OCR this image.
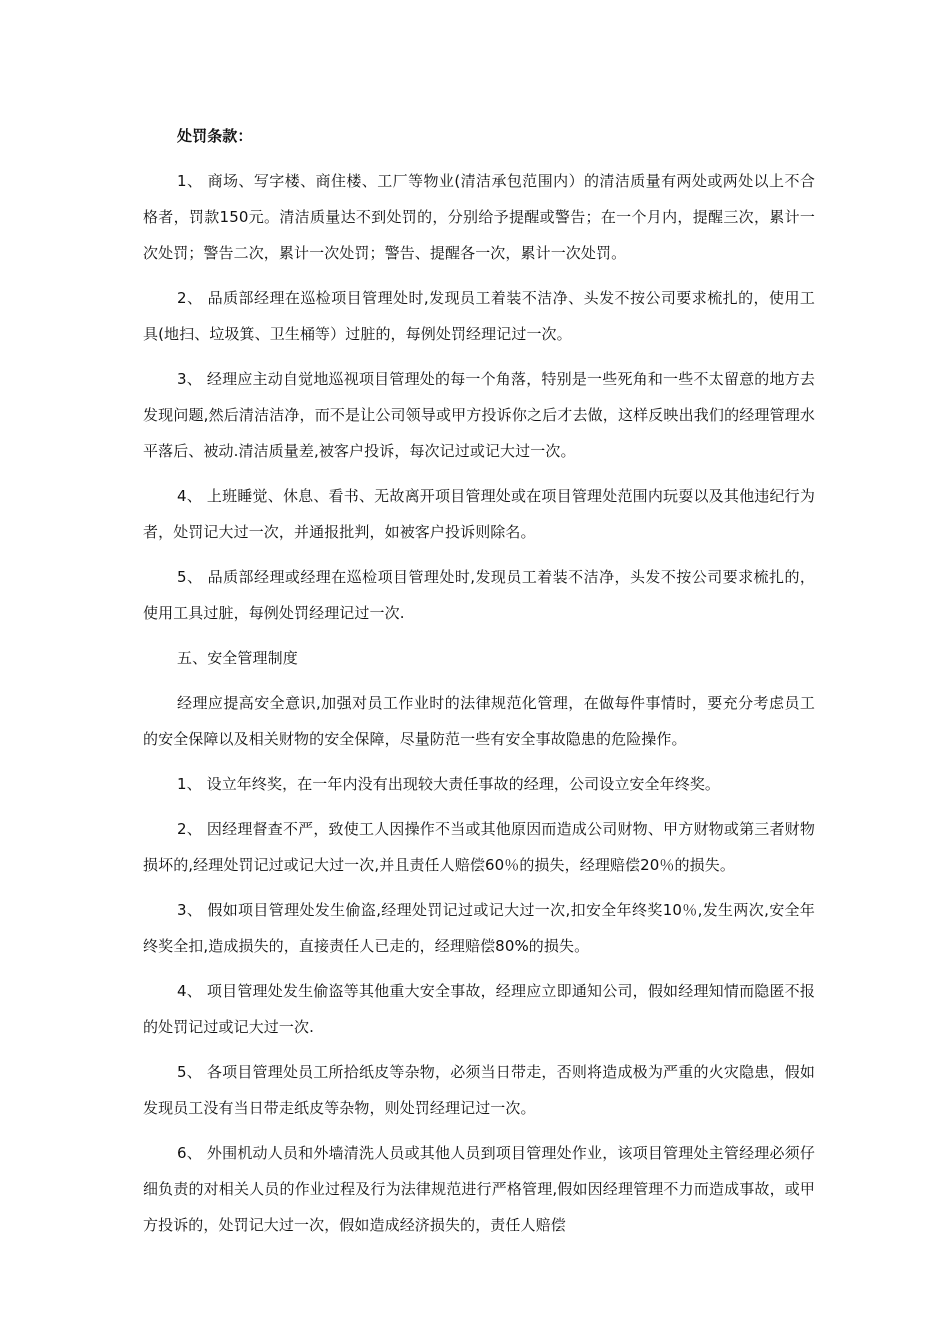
处罚条款：

1、 商场、写字楼、商住楼、工厂等物业(清洁承包范围内）的清洁质量有两处或两处以上不合格者，罚款150元。清洁质量达不到处罚的，分别给予提醒或警告；在一个月内，提醒三次，累计一次处罚；警告二次，累计一次处罚；警告、提醒各一次，累计一次处罚。

2、 品质部经理在巡检项目管理处时,发现员工着装不洁净、头发不按公司要求梳扎的，使用工具(地扫、垃圾箕、卫生桶等）过脏的，每例处罚经理记过一次。

3、 经理应主动自觉地巡视项目管理处的每一个角落，特别是一些死角和一些不太留意的地方去发现问题,然后清洁洁净，而不是让公司领导或甲方投诉你之后才去做，这样反映出我们的经理管理水平落后、被动.清洁质量差,被客户投诉，每次记过或记大过一次。

4、 上班睡觉、休息、看书、无故离开项目管理处或在项目管理处范围内玩耍以及其他违纪行为者，处罚记大过一次，并通报批判，如被客户投诉则除名。

5、 品质部经理或经理在巡检项目管理处时,发现员工着装不洁净，头发不按公司要求梳扎的，使用工具过脏，每例处罚经理记过一次.

五、安全管理制度

经理应提高安全意识,加强对员工作业时的法律规范化管理，在做每件事情时，要充分考虑员工的安全保障以及相关财物的安全保障，尽量防范一些有安全事故隐患的危险操作。

1、 设立年终奖，在一年内没有出现较大责任事故的经理，公司设立安全年终奖。

2、 因经理督查不严，致使工人因操作不当或其他原因而造成公司财物、甲方财物或第三者财物损坏的,经理处罚记过或记大过一次,并且责任人赔偿60％的损失，经理赔偿20％的损失。

3、 假如项目管理处发生偷盗,经理处罚记过或记大过一次,扣安全年终奖10％,发生两次,安全年终奖全扣,造成损失的，直接责任人已走的，经理赔偿80%的损失。

4、 项目管理处发生偷盗等其他重大安全事故，经理应立即通知公司，假如经理知情而隐匿不报的处罚记过或记大过一次.

5、 各项目管理处员工所拾纸皮等杂物，必须当日带走，否则将造成极为严重的火灾隐患，假如发现员工没有当日带走纸皮等杂物，则处罚经理记过一次。

6、 外围机动人员和外墙清洗人员或其他人员到项目管理处作业，该项目管理处主管经理必须仔细负责的对相关人员的作业过程及行为法律规范进行严格管理,假如因经理管理不力而造成事故，或甲方投诉的，处罚记大过一次，假如造成经济损失的，责任人赔偿
